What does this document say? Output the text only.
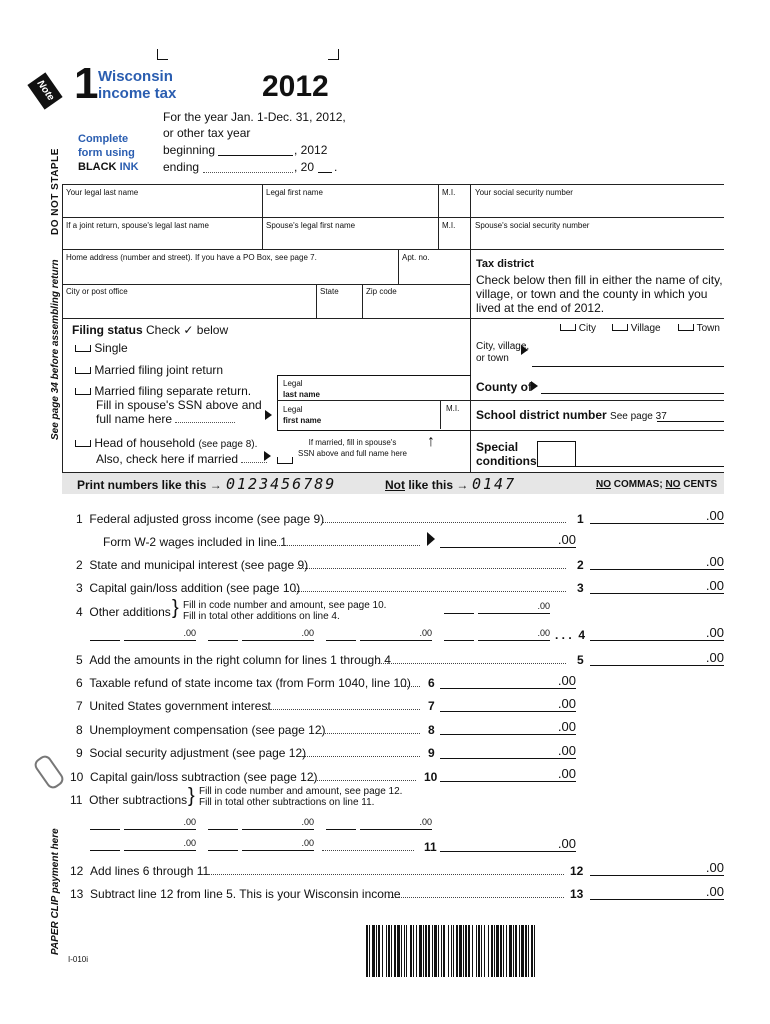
Note
DO NOT STAPLE
See page 34 before assembling return
PAPER CLIP payment here
1 Wisconsin
income tax	2012
For the year Jan. 1-Dec. 31, 2012,
or other tax year
beginning	, 2012
ending	, 20 .
Complete
form using
BLACK INK
Your legal last name	Legal first name	M.I. Your social security number
If a joint return, spouse's legal last name	Spouse's legal first name	M.I. Spouse's social security number
Home address (number and street). If you have a PO Box, see page 7.	Apt. no.
City or post office	State	Zip code
Tax district
Check below then fill in either the name of city, village, or town and the county in which you lived at the end of 2012.
City	Village	Town
City, village,
or town
County of
School district number See page 37
Special
conditions
Filing status Check ✓ below
Single
Married filing joint return
Married filing separate return.
Fill in spouse's SSN above and
full name here
Legal
last name
Legal
first name
M.I.
Head of household (see page 8).
Also, check here if married
If married, fill in spouse's
SSN above and full name here
↑
Print numbers like this → 0123456789	Not like this → 0147	NO COMMAS; NO CENTS
1 Federal adjusted gross income (see page 9)	1	.00
Form W-2 wages included in line 1	.00
2 State and municipal interest (see page 9)	2	.00
3 Capital gain/loss addition (see page 10)	3	.00
4 Other additions } Fill in code number and amount, see page 10.
Fill in total other additions on line 4.
.00
.00	.00	.00	.00 . . .  4	.00
5 Add the amounts in the right column for lines 1 through 4	5	.00
6 Taxable refund of state income tax (from Form 1040, line 10) 6	.00
7 United States government interest	7	.00
8 Unemployment compensation (see page 12)	8	.00
9 Social security adjustment (see page 12)	9	.00
10 Capital gain/loss subtraction (see page 12)	10	.00
11 Other subtractions } Fill in code number and amount, see page 12.
Fill in total other subtractions on line 11.
.00	.00	.00
.00	.00	11	.00
12 Add lines 6 through 11	12	.00
13 Subtract line 12 from line 5. This is your Wisconsin income	13	.00
I-010i
